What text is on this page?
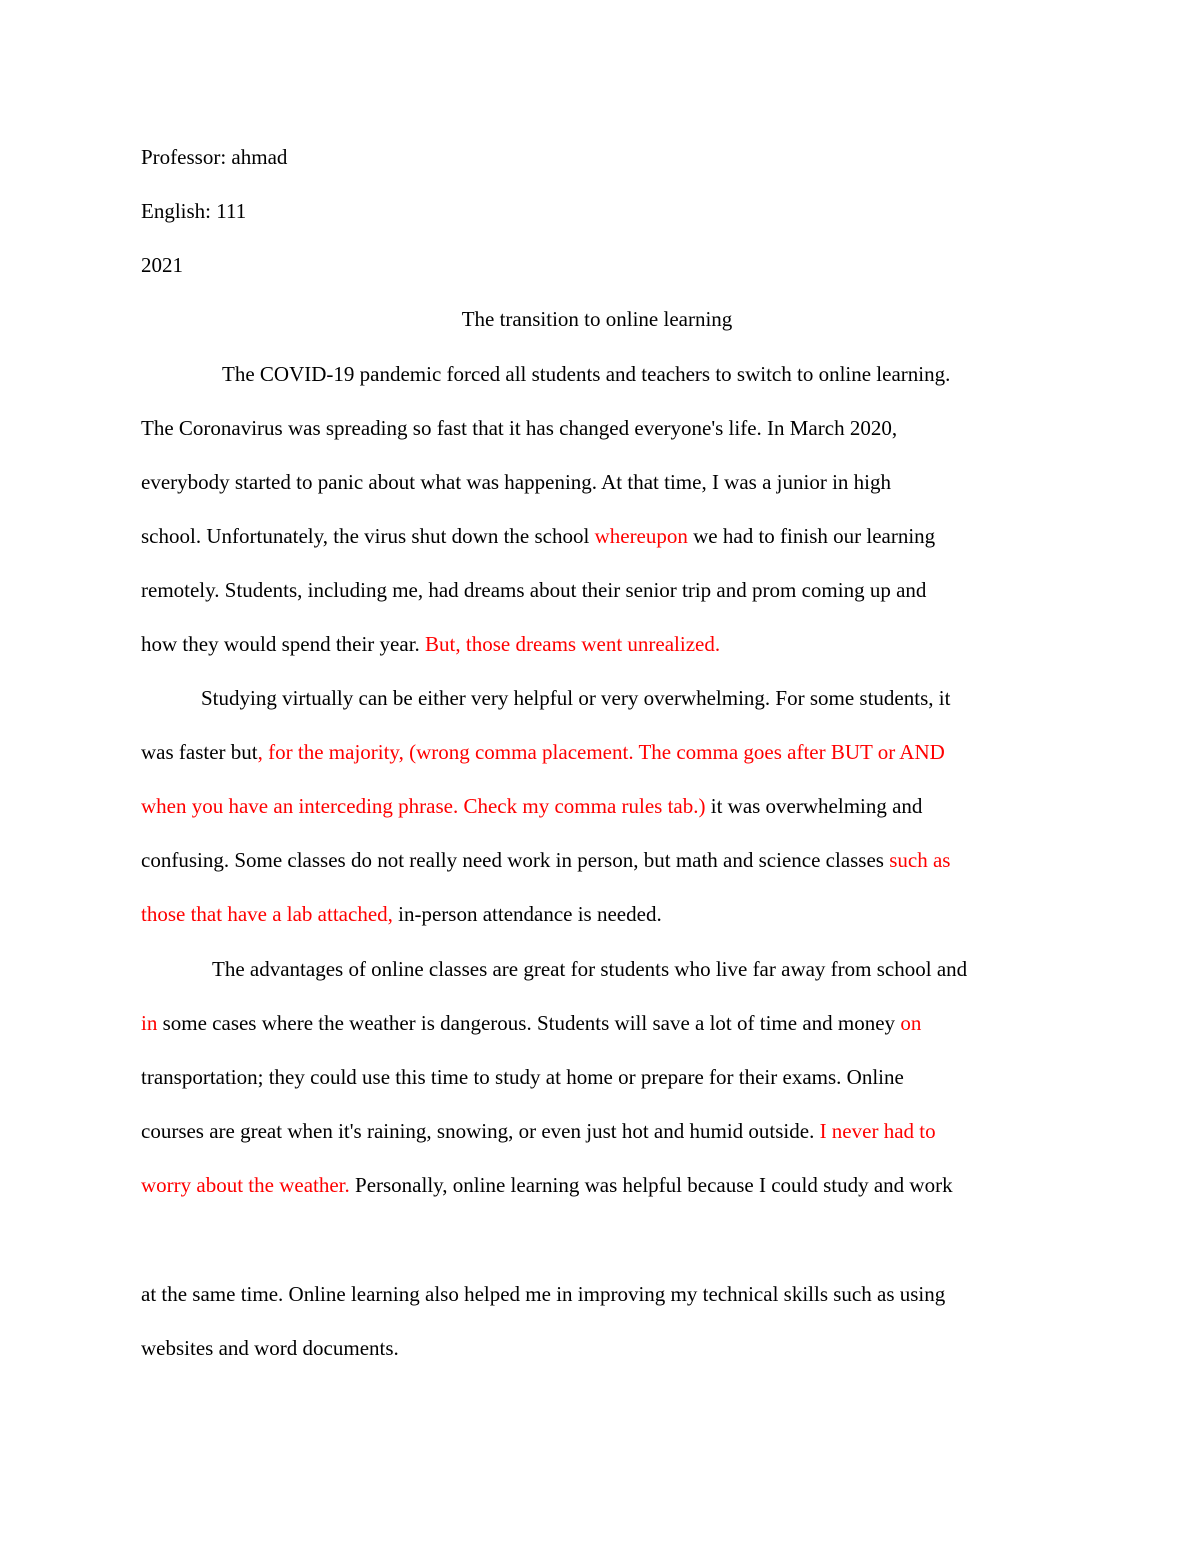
Professor: ahmad
English: 111
2021
The transition to online learning
The COVID-19 pandemic forced all students and teachers to switch to online learning.
The Coronavirus was spreading so fast that it has changed everyone's life. In March 2020,
everybody started to panic about what was happening. At that time, I was a junior in high
school. Unfortunately, the virus shut down the school whereupon we had to finish our learning
remotely. Students, including me, had dreams about their senior trip and prom coming up and
how they would spend their year. But, those dreams went unrealized.
Studying virtually can be either very helpful or very overwhelming. For some students, it
was faster but, for the majority, (wrong comma placement. The comma goes after BUT or AND
when you have an interceding phrase. Check my comma rules tab.) it was overwhelming and
confusing. Some classes do not really need work in person, but math and science classes such as
those that have a lab attached, in-person attendance is needed.
The advantages of online classes are great for students who live far away from school and
in some cases where the weather is dangerous. Students will save a lot of time and money on
transportation; they could use this time to study at home or prepare for their exams. Online
courses are great when it's raining, snowing, or even just hot and humid outside. I never had to
worry about the weather. Personally, online learning was helpful because I could study and work
at the same time. Online learning also helped me in improving my technical skills such as using
websites and word documents.
